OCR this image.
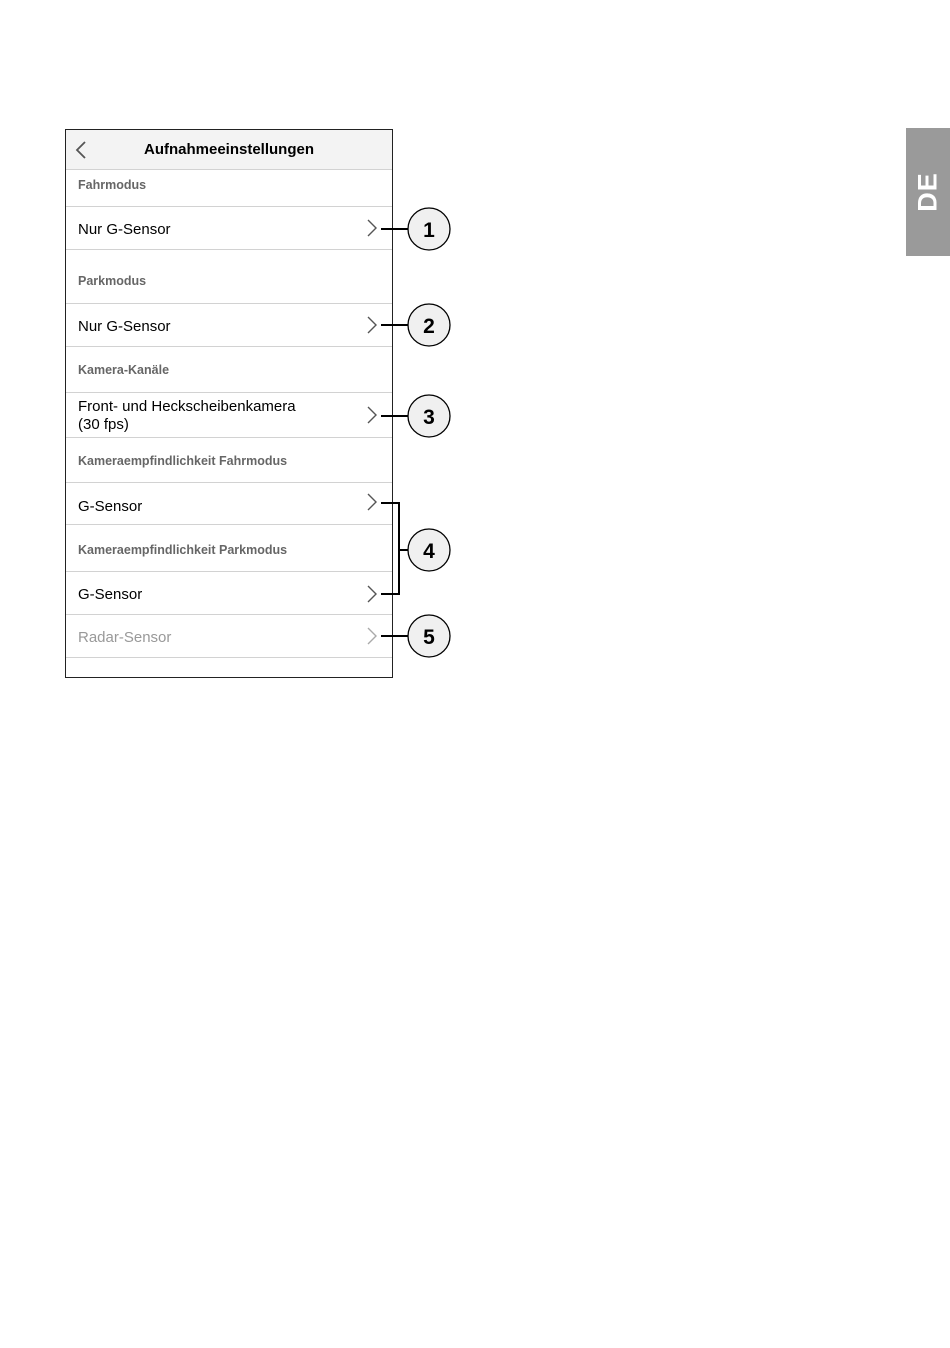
DE
Aufnahmeeinstellungen
Fahrmodus
Nur G-Sensor
Parkmodus
Nur G-Sensor
Kamera-Kanäle
Front- und Heckscheibenkamera
(30 fps)
Kameraempfindlichkeit Fahrmodus
G-Sensor
Kameraempfindlichkeit Parkmodus
G-Sensor
Radar-Sensor
1
2
3
4
5
